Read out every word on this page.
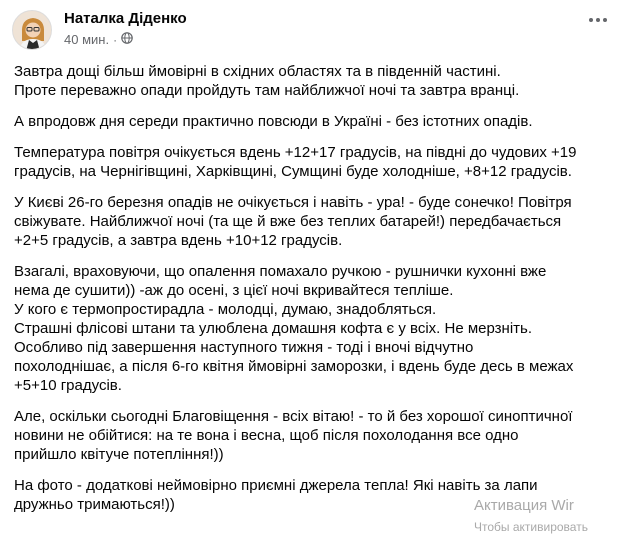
Наталка Діденко
40 мин. ·

Завтра дощі більш ймовірні в східних областях та в південній частині.
Проте переважно опади пройдуть там найближчої ночі та завтра вранці.

А впродовж дня середи практично повсюди в Україні - без істотних опадів.

Температура повітря очікується вдень +12+17 градусів, на півдні до чудових +19
градусів, на Чернігівщині, Харківщині, Сумщині буде холодніше, +8+12 градусів.

У Києві 26-го березня опадів не очікується і навіть - ура! - буде сонечко! Повітря
свіжувате. Найближчої ночі (та ще й вже без теплих батарей!) передбачається
+2+5 градусів, а завтра вдень +10+12 градусів.

Взагалі, враховуючи, що опалення помахало ручкою - рушнички кухонні вже
нема де сушити)) -аж до осені, з цієї ночі вкривайтеся тепліше.
У кого є термопростирадла - молодці, думаю, знадобляться.
Страшні флісові штани та улюблена домашня кофта є у всіх. Не мерзніть.
Особливо під завершення наступного тижня - тоді і вночі відчутно
похолоднішає, а після 6-го квітня ймовірні заморозки, і вдень буде десь в межах
+5+10 градусів.

Але, оскільки сьогодні Благовіщення - всіх вітаю! - то й без хорошої синоптичної
новини не обійтися: на те вона і весна, щоб після похолодання все одно
прийшло квітуче потепління!))

На фото - додаткові неймовірно приємні джерела тепла! Які навіть за лапи
дружньо тримаються!))	Активация Wir
Чтобы активировать
